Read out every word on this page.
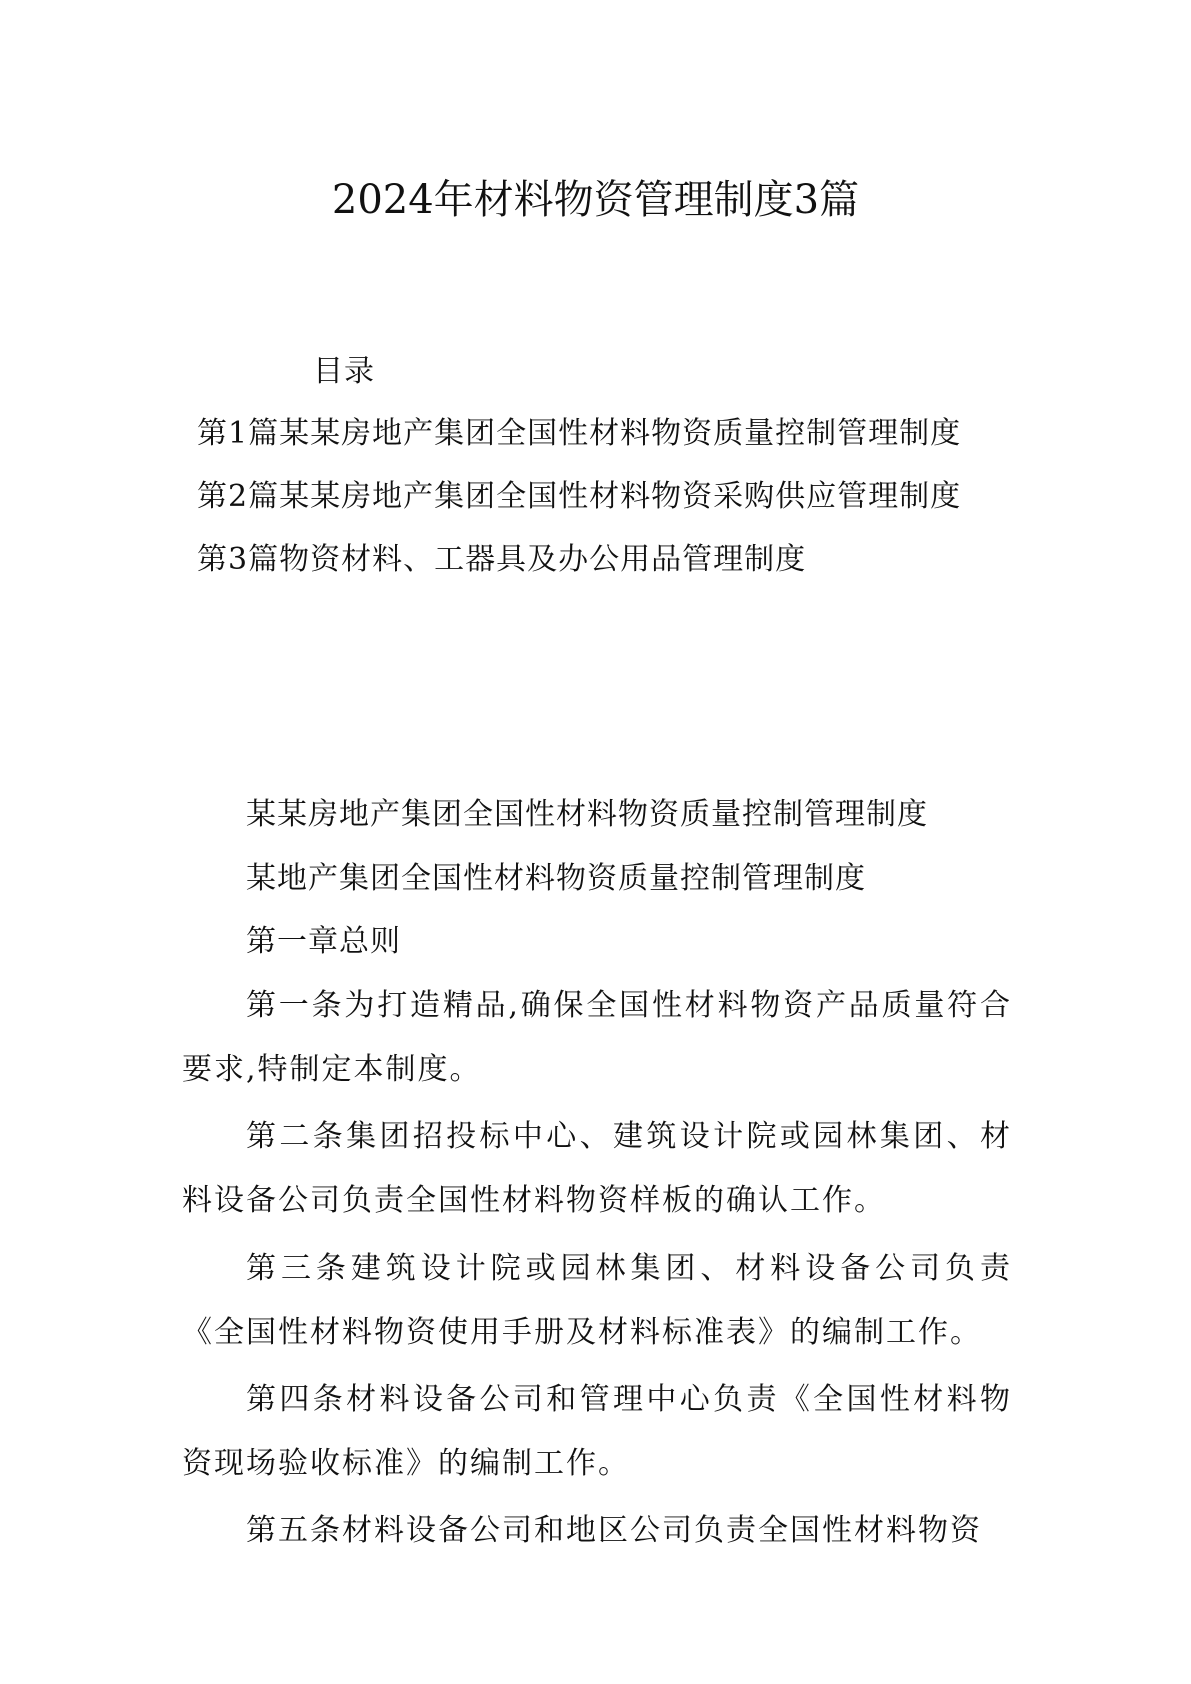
2024年材料物资管理制度3篇
目录
第1篇某某房地产集团全国性材料物资质量控制管理制度
第2篇某某房地产集团全国性材料物资采购供应管理制度
第3篇物资材料、工器具及办公用品管理制度
某某房地产集团全国性材料物资质量控制管理制度
某地产集团全国性材料物资质量控制管理制度
第一章总则
第一条为打造精品,确保全国性材料物资产品质量符合要求,特制定本制度。
第二条集团招投标中心、建筑设计院或园林集团、材料设备公司负责全国性材料物资样板的确认工作。
第三条建筑设计院或园林集团、材料设备公司负责《全国性材料物资使用手册及材料标准表》的编制工作。
第四条材料设备公司和管理中心负责《全国性材料物资现场验收标准》的编制工作。
第五条材料设备公司和地区公司负责全国性材料物资
